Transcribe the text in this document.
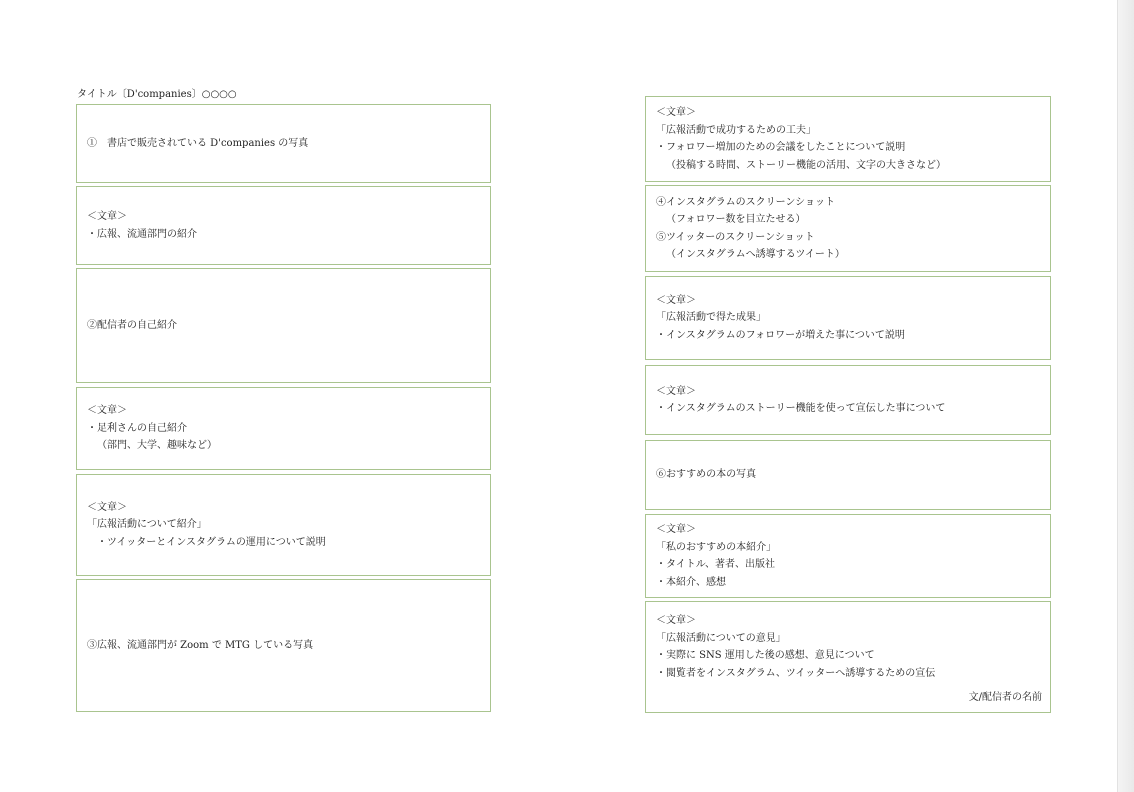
タイトル〔D'companies〕○○○○
①　書店で販売されている D'companies の写真
＜文章＞
・広報、流通部門の紹介
②配信者の自己紹介
＜文章＞
・足利さんの自己紹介
（部門、大学、趣味など）
＜文章＞
「広報活動について紹介」
・ツイッターとインスタグラムの運用について説明
③広報、流通部門が Zoom で MTG している写真
＜文章＞
「広報活動で成功するための工夫」
・フォロワー増加のための会議をしたことについて説明
（投稿する時間、ストーリー機能の活用、文字の大きさなど）
④インスタグラムのスクリーンショット
（フォロワー数を目立たせる）
⑤ツイッターのスクリーンショット
（インスタグラムへ誘導するツイート）
＜文章＞
「広報活動で得た成果」
・インスタグラムのフォロワーが増えた事について説明
＜文章＞
・インスタグラムのストーリー機能を使って宣伝した事について
⑥おすすめの本の写真
＜文章＞
「私のおすすめの本紹介」
・タイトル、著者、出版社
・本紹介、感想
＜文章＞
「広報活動についての意見」
・実際に SNS 運用した後の感想、意見について
・閲覧者をインスタグラム、ツイッターへ誘導するための宣伝
文/配信者の名前
